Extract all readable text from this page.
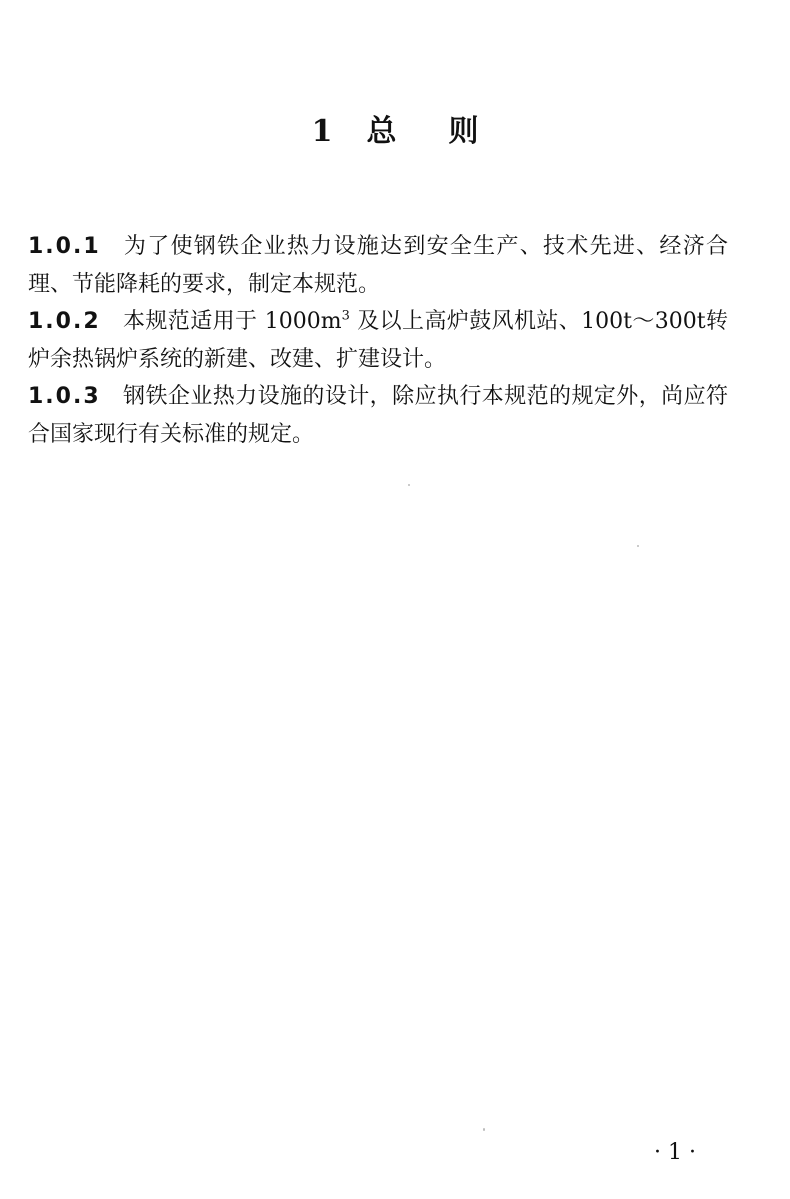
1 总 则

1.0.1 为了使钢铁企业热力设施达到安全生产、技术先进、经济合理、节能降耗的要求，制定本规范。

1.0.2 本规范适用于 $1000m^3$ 及以上高炉鼓风机站、100t～300t转炉余热锅炉系统的新建、改建、扩建设计。

1.0.3 钢铁企业热力设施的设计，除应执行本规范的规定外，尚应符合国家现行有关标准的规定。

· 1 ·
